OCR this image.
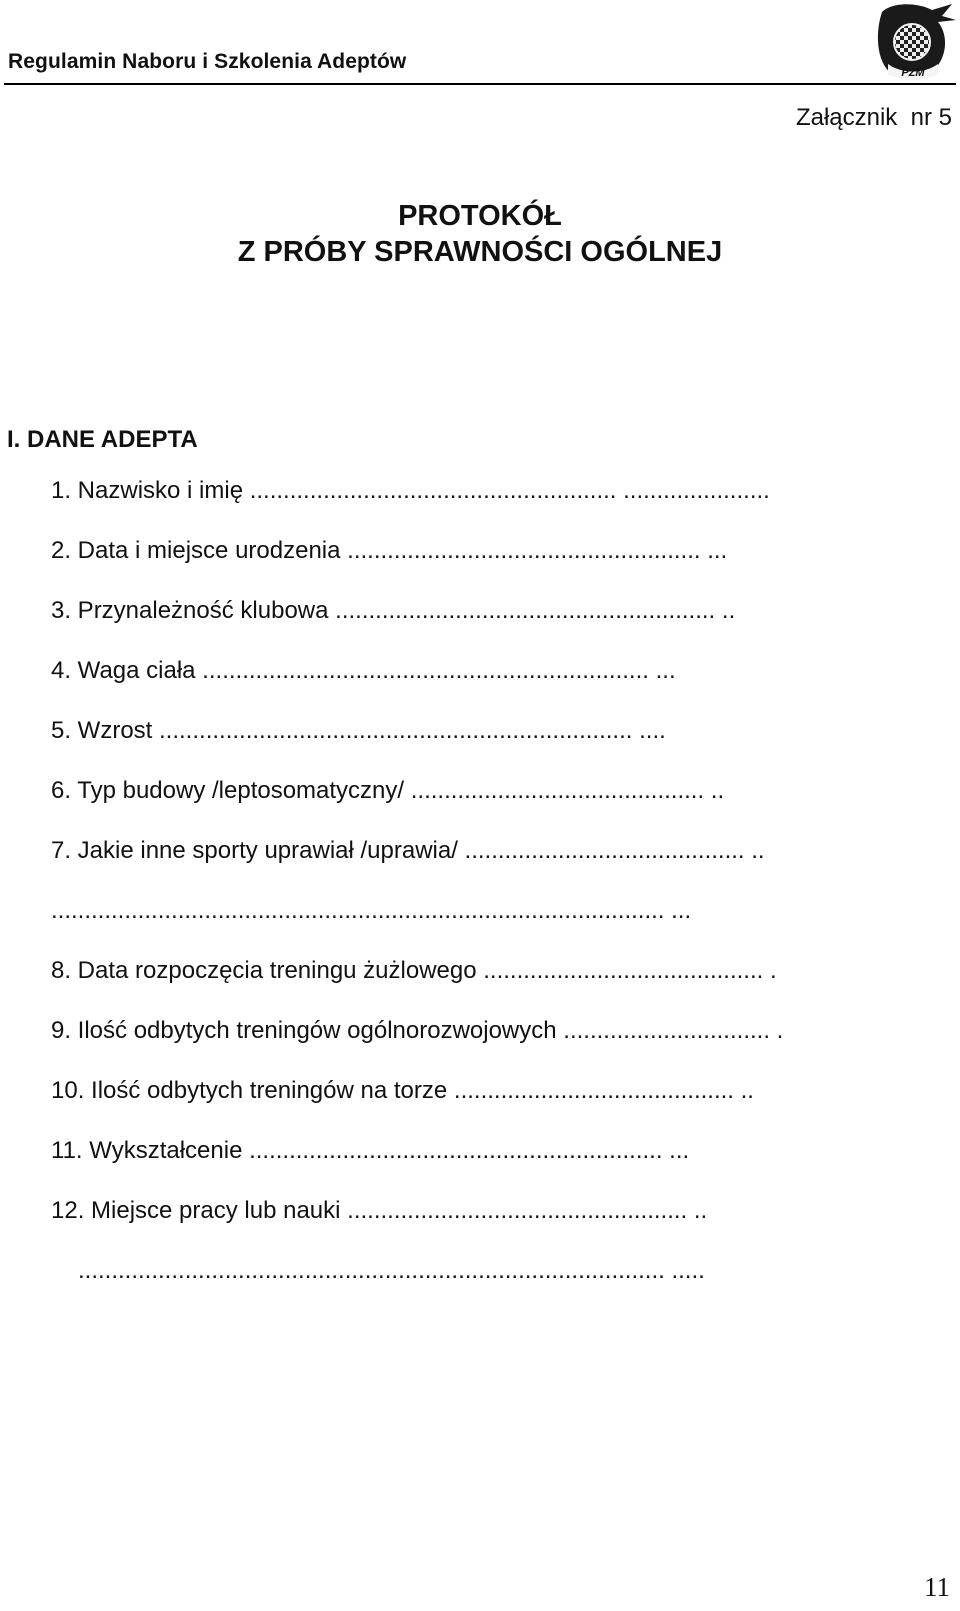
Regulamin Naboru i Szkolenia Adeptów	PZM
Załącznik  nr 5
PROTOKÓŁ
Z PRÓBY SPRAWNOŚCI OGÓLNEJ
I. DANE ADEPTA
1. Nazwisko i imię ....................................................... ......................
2. Data i miejsce urodzenia ..................................................... ...
3. Przynależność klubowa ......................................................... ..
4. Waga ciała ................................................................... ...
5. Wzrost ....................................................................... ....
6. Typ budowy /leptosomatyczny/ ............................................ ..
7. Jakie inne sporty uprawiał /uprawia/ .......................................... ..
............................................................................................ ...
8. Data rozpoczęcia treningu żużlowego .......................................... .
9. Ilość odbytych treningów ogólnorozwojowych ............................... .
10. Ilość odbytych treningów na torze .......................................... ..
11. Wykształcenie .............................................................. ...
12. Miejsce pracy lub nauki ................................................... ..
........................................................................................ .....
11
